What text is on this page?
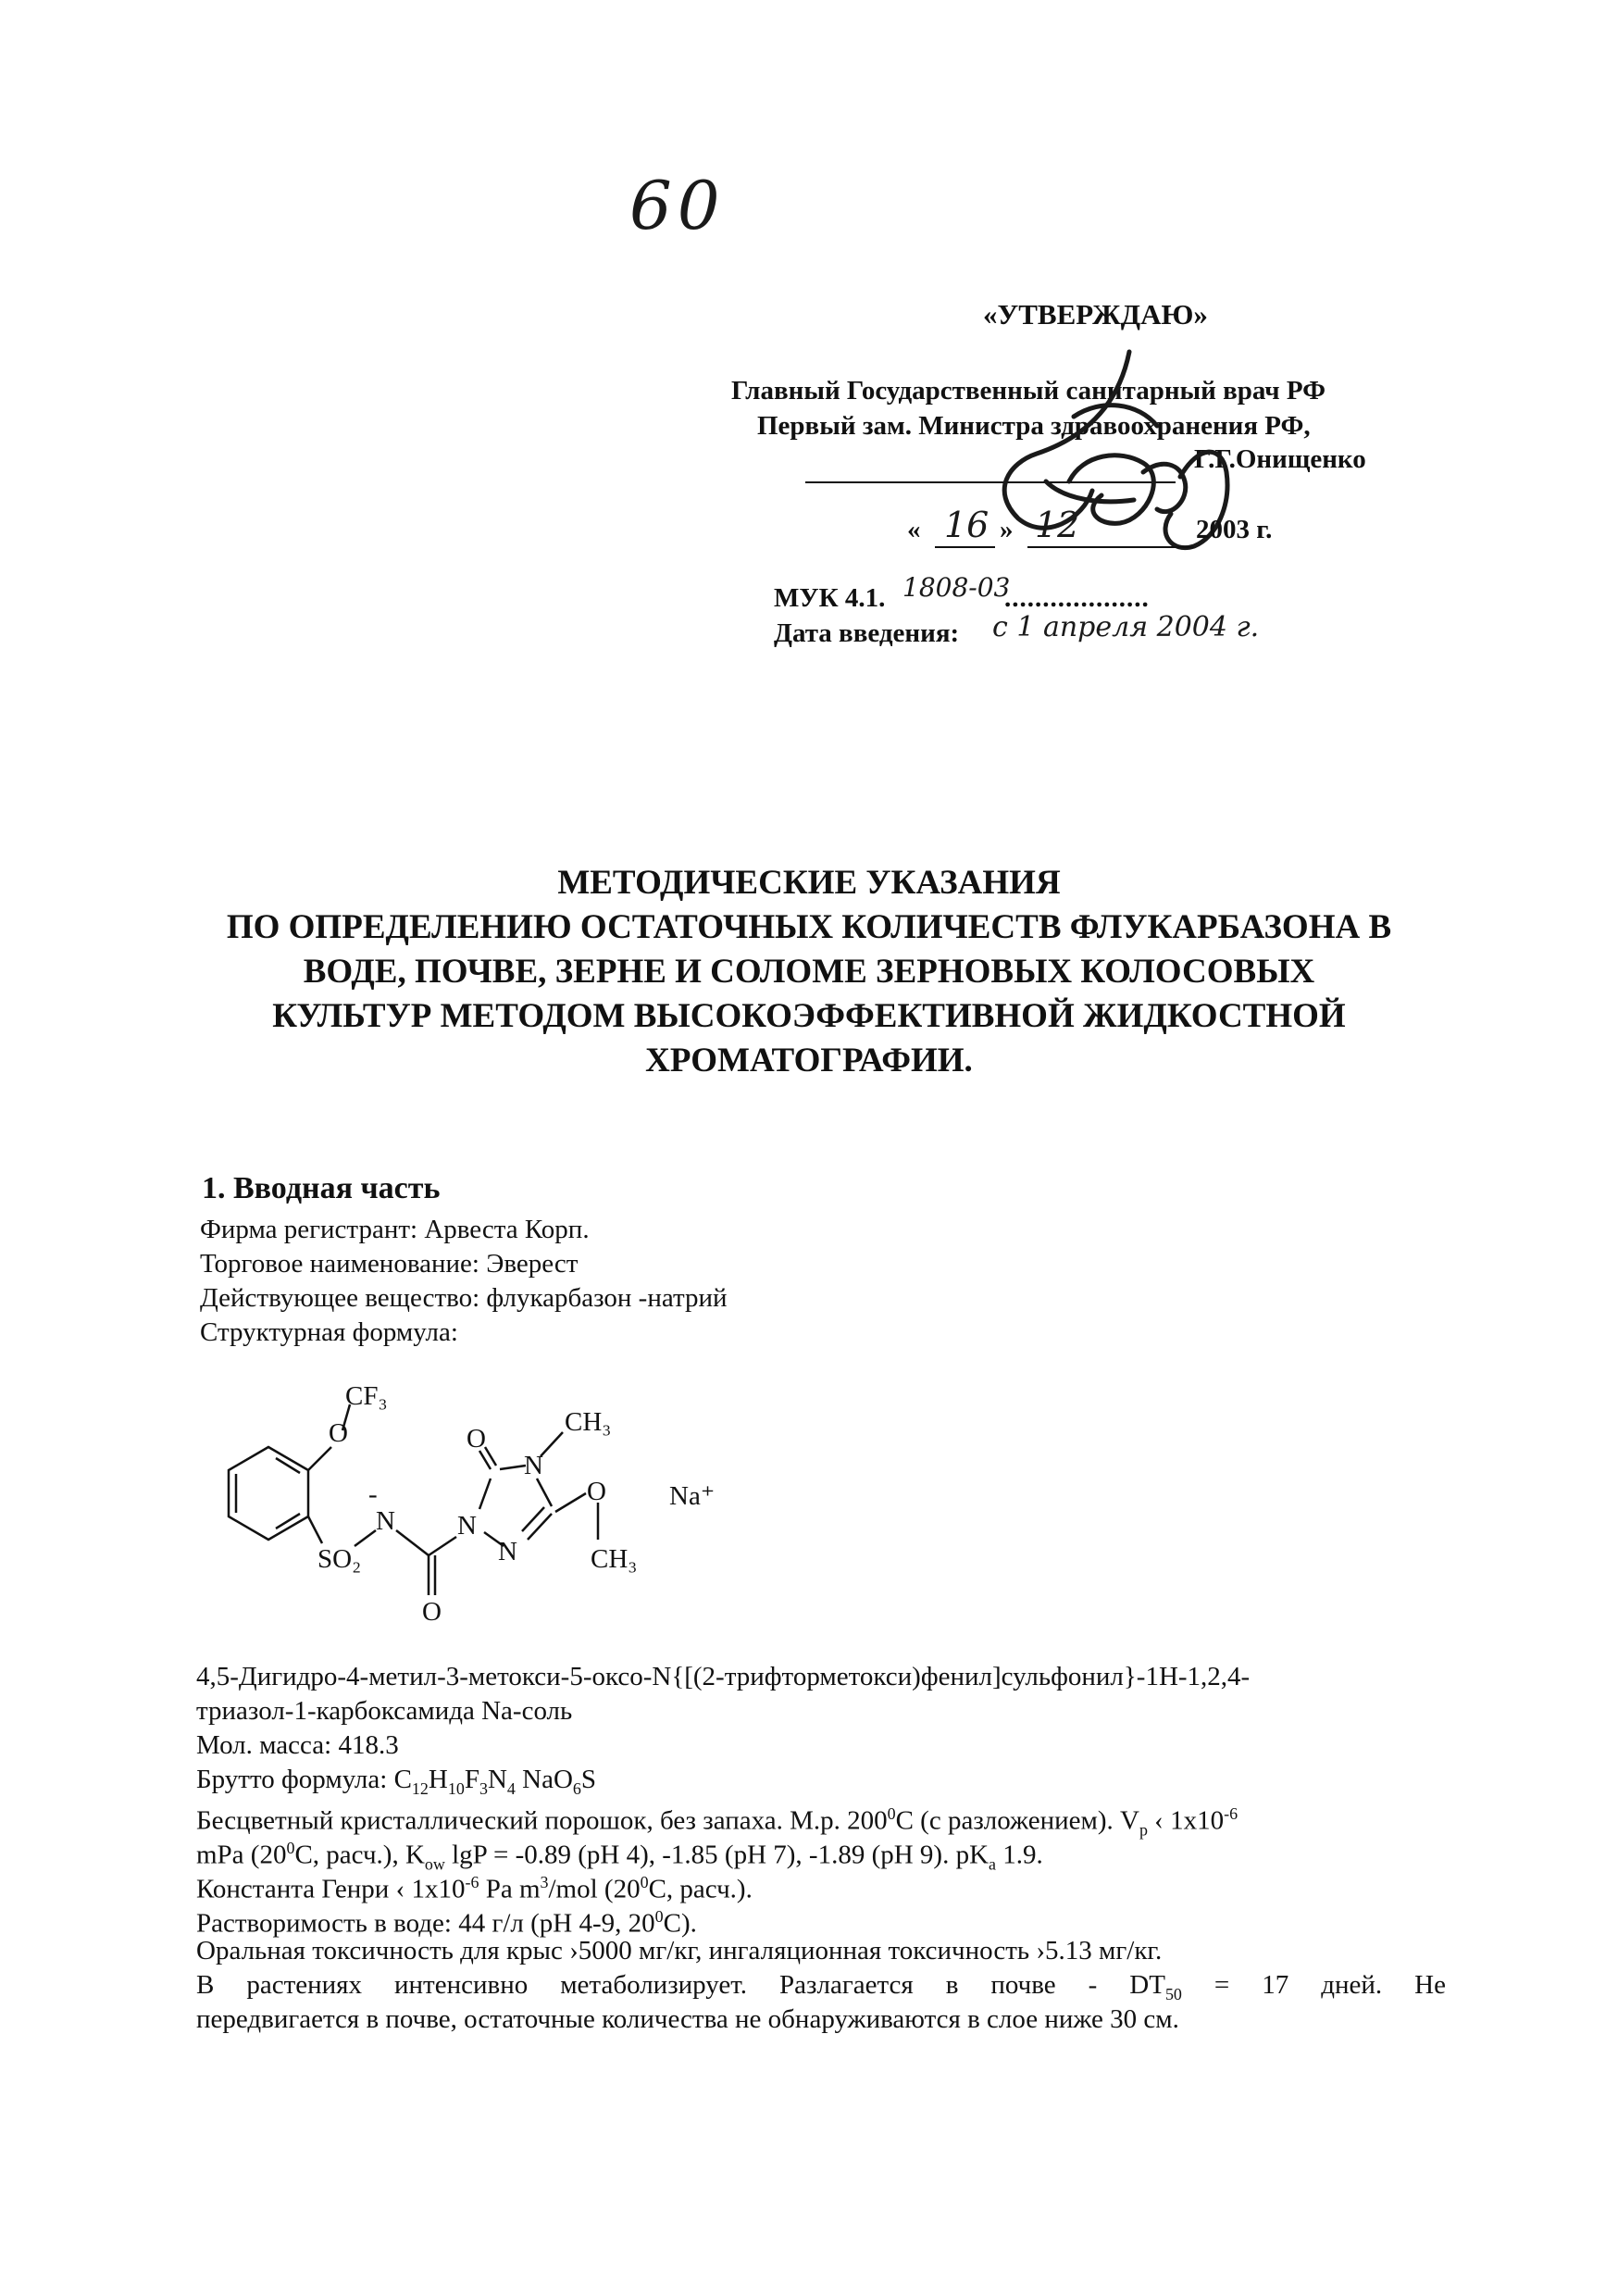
60
«УТВЕРЖДАЮ»
Главный Государственный санитарный врач РФ
Первый зам. Министра здравоохранения РФ,
Г.Г.Онищенко
« 16 » 12	2003 г.
МУК 4.1. 1808-03
...................
Дата введения: с 1 апреля 2004 г.
МЕТОДИЧЕСКИЕ УКАЗАНИЯ
ПО ОПРЕДЕЛЕНИЮ ОСТАТОЧНЫХ КОЛИЧЕСТВ ФЛУКАРБАЗОНА В
ВОДЕ, ПОЧВЕ, ЗЕРНЕ И СОЛОМЕ ЗЕРНОВЫХ КОЛОСОВЫХ
КУЛЬТУР МЕТОДОМ ВЫСОКОЭФФЕКТИВНОЙ ЖИДКОСТНОЙ
ХРОМАТОГРАФИИ.
1. Вводная часть
Фирма регистрант: Арвеста Корп.
Торговое наименование: Эверест
Действующее вещество: флукарбазон -натрий
Структурная формула:
CF₃
O	O
CH₃
N
Na⁺
N
-
SO₂
N
N
O
CH₃
O
4,5-Дигидро-4-метил-3-метокси-5-оксо-N{[(2-трифторметокси)фенил]сульфонил}-1Н-1,2,4-
триазол-1-карбоксамида Na-соль
Мол. масса: 418.3
Брутто формула: $C_{12}H_{10}F_3N_4$ NaO$_6$S
Бесцветный кристаллический порошок, без запаха. М.р. $200^0С$ (с разложением). $V_p$ ‹ $1x10^{-6}$
mPa ($20^0C$, расч.), $K_{ow}$ lgP = -0.89 (pH 4), -1.85 (pH 7), -1.89 (pH 9). $pK_a$ 1.9.
Константа Генри ‹ $1x10^{-6}$ Pa $m^3$/mol ($20^0C$, расч.).
Растворимость в воде: 44 г/л (pH 4-9, $20^0С$).
Оральная токсичность для крыс ›5000 мг/кг, ингаляционная токсичность ›5.13 мг/кг.
В растениях интенсивно метаболизирует. Разлагается в почве - $DT_{50} = 17$ дней. Не
передвигается в почве, остаточные количества не обнаруживаются в слое ниже 30 см.
